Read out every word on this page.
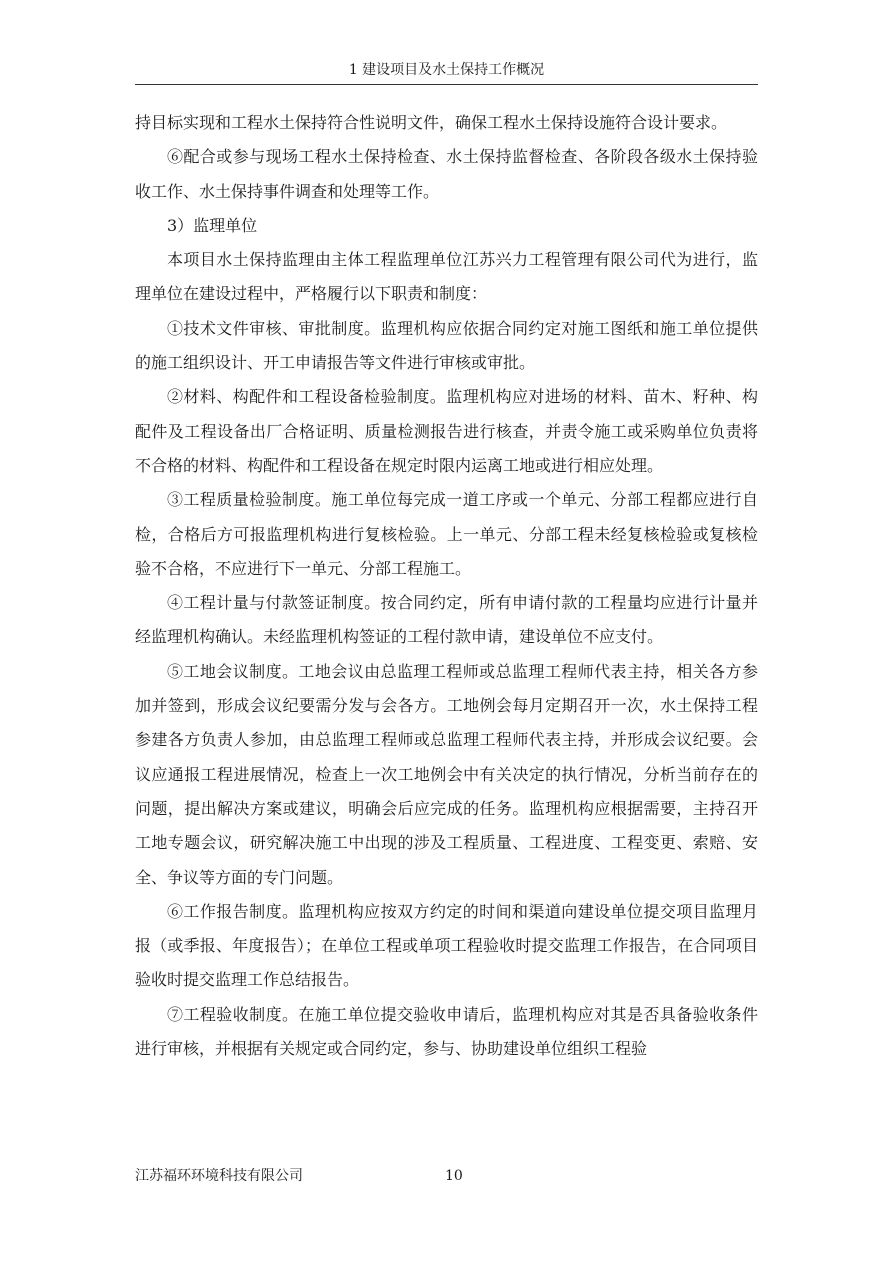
1 建设项目及水土保持工作概况

持目标实现和工程水土保持符合性说明文件，确保工程水土保持设施符合设计要求。

⑥配合或参与现场工程水土保持检查、水土保持监督检查、各阶段各级水土保持验收工作、水土保持事件调查和处理等工作。

3）监理单位

本项目水土保持监理由主体工程监理单位江苏兴力工程管理有限公司代为进行，监理单位在建设过程中，严格履行以下职责和制度：

①技术文件审核、审批制度。监理机构应依据合同约定对施工图纸和施工单位提供的施工组织设计、开工申请报告等文件进行审核或审批。

②材料、构配件和工程设备检验制度。监理机构应对进场的材料、苗木、籽种、构配件及工程设备出厂合格证明、质量检测报告进行核查，并责令施工或采购单位负责将不合格的材料、构配件和工程设备在规定时限内运离工地或进行相应处理。

③工程质量检验制度。施工单位每完成一道工序或一个单元、分部工程都应进行自检，合格后方可报监理机构进行复核检验。上一单元、分部工程未经复核检验或复核检验不合格，不应进行下一单元、分部工程施工。

④工程计量与付款签证制度。按合同约定，所有申请付款的工程量均应进行计量并经监理机构确认。未经监理机构签证的工程付款申请，建设单位不应支付。

⑤工地会议制度。工地会议由总监理工程师或总监理工程师代表主持，相关各方参加并签到，形成会议纪要需分发与会各方。工地例会每月定期召开一次，水土保持工程参建各方负责人参加，由总监理工程师或总监理工程师代表主持，并形成会议纪要。会议应通报工程进展情况，检查上一次工地例会中有关决定的执行情况，分析当前存在的问题，提出解决方案或建议，明确会后应完成的任务。监理机构应根据需要，主持召开工地专题会议，研究解决施工中出现的涉及工程质量、工程进度、工程变更、索赔、安全、争议等方面的专门问题。

⑥工作报告制度。监理机构应按双方约定的时间和渠道向建设单位提交项目监理月报（或季报、年度报告）；在单位工程或单项工程验收时提交监理工作报告，在合同项目验收时提交监理工作总结报告。

⑦工程验收制度。在施工单位提交验收申请后，监理机构应对其是否具备验收条件进行审核，并根据有关规定或合同约定，参与、协助建设单位组织工程验

江苏福环环境科技有限公司	10
